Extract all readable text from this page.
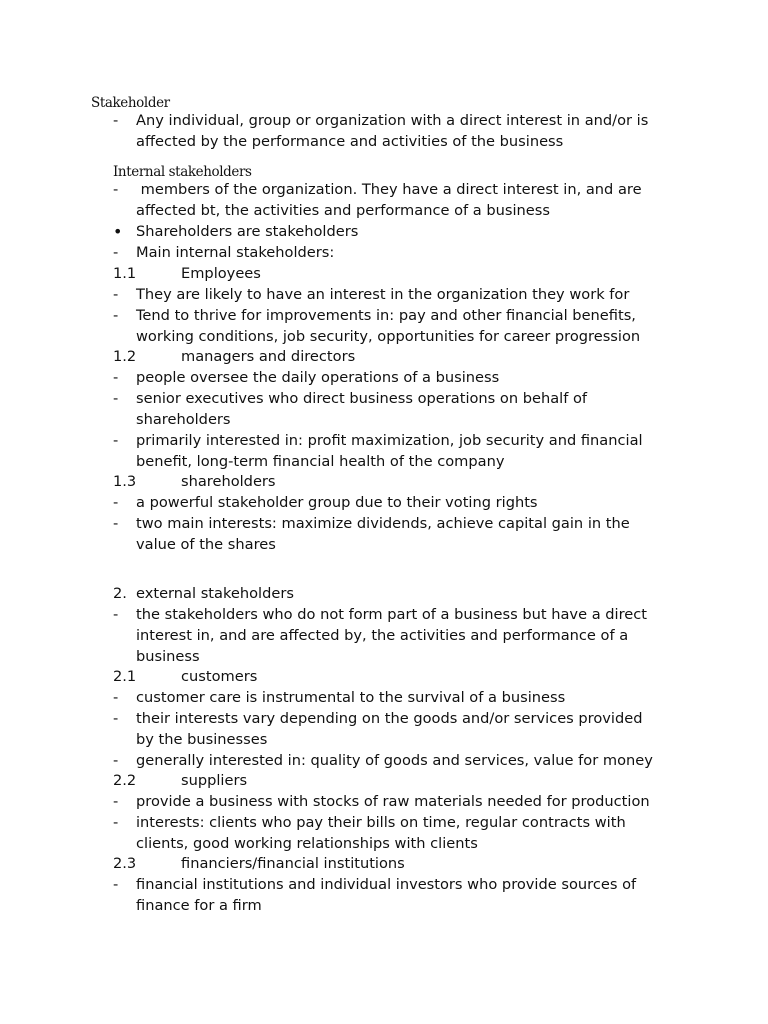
Stakeholder
- Any individual, group or organization with a direct interest in and/or is
affected by the performance and activities of the business
Internal stakeholders
- members of the organization. They have a direct interest in, and are
affected bt, the activities and performance of a business
• Shareholders are stakeholders
- Main internal stakeholders:
1.1	Employees
- They are likely to have an interest in the organization they work for
- Tend to thrive for improvements in: pay and other financial benefits,
working conditions, job security, opportunities for career progression
1.2	managers and directors
- people oversee the daily operations of a business
- senior executives who direct business operations on behalf of
shareholders
- primarily interested in: profit maximization, job security and financial
benefit, long-term financial health of the company
1.3	shareholders
- a powerful stakeholder group due to their voting rights
- two main interests: maximize dividends, achieve capital gain in the
value of the shares
2. external stakeholders
- the stakeholders who do not form part of a business but have a direct
interest in, and are affected by, the activities and performance of a
business
2.1	customers
- customer care is instrumental to the survival of a business
- their interests vary depending on the goods and/or services provided
by the businesses
- generally interested in: quality of goods and services, value for money
2.2	suppliers
- provide a business with stocks of raw materials needed for production
- interests: clients who pay their bills on time, regular contracts with
clients, good working relationships with clients
2.3	financiers/financial institutions
- financial institutions and individual investors who provide sources of
finance for a firm
